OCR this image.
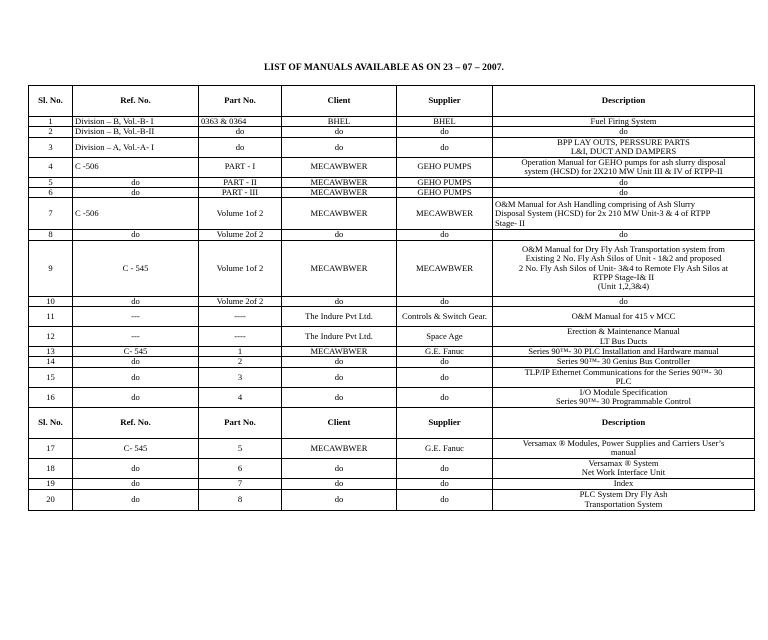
LIST OF MANUALS AVAILABLE AS ON 23 – 07 – 2007.
Sl. No.	Ref. No.	Part No.	Client	Supplier	Description
1	Division – B, Vol.-B- I	0363 & 0364	BHEL	BHEL	Fuel Firing System

2	Division – B, Vol.-B-II	do	do	do	do

3	Division – A, Vol.-A- I	do	do	do	BPP LAY OUTS, PERSSURE PARTS
L&I, DUCT AND DAMPERS

4	C -506	PART - I	MECAWBWER	GEHO PUMPS	Operation Manual for GEHO pumps for ash slurry disposal
system (HCSD) for 2X210 MW Unit III & IV of RTPP-II

5	do	PART - II	MECAWBWER	GEHO PUMPS	do

6	do	PART - III	MECAWBWER	GEHO PUMPS	do

7	C -506	Volume 1of 2	MECAWBWER	MECAWBWER	O&M Manual for Ash Handling comprising of Ash Slurry
Disposal System (HCSD) for 2x 210 MW Unit-3 & 4 of RTPP
Stage- II

8	do	Volume 2of 2	do	do	do

9	C - 545	Volume 1of 2	MECAWBWER	MECAWBWER	O&M Manual for Dry Fly Ash Transportation system from
Existing 2 No. Fly Ash Silos of Unit - 1&2 and proposed
2 No. Fly Ash Silos of Unit- 3&4 to Remote Fly Ash Silos at
RTPP Stage-I& II
(Unit 1,2,3&4)

10	do	Volume 2of 2	do	do	do

11	---	----	The Indure Pvt Ltd.	Controls & Switch Gear.	O&M Manual for 415 v MCC

12	---	----	The Indure Pvt Ltd.	Space Age	Erection & Maintenance Manual
LT Bus Ducts

13	C- 545	1	MECAWBWER	G.E. Fanuc	Series 90™- 30 PLC Installation and Hardware manual

14	do	2	do	do	Series 90™- 30 Genius Bus Controller

15	do	3	do	do	TLP/IP Ethernet Communications for the Series 90™- 30
PLC

16	do	4	do	do	I/O Module Specification
Series 90™- 30 Programmable Control

Sl. No.	Ref. No.	Part No.	Client	Supplier	Description
17	C- 545	5	MECAWBWER	G.E. Fanuc	Versamax ® Modules, Power Supplies and Carriers User’s
manual

18	do	6	do	do	Versamax ® System
Net Work Interface Unit

19	do	7	do	do	Index

20	do	8	do	do	PLC System Dry Fly Ash
Transportation System
